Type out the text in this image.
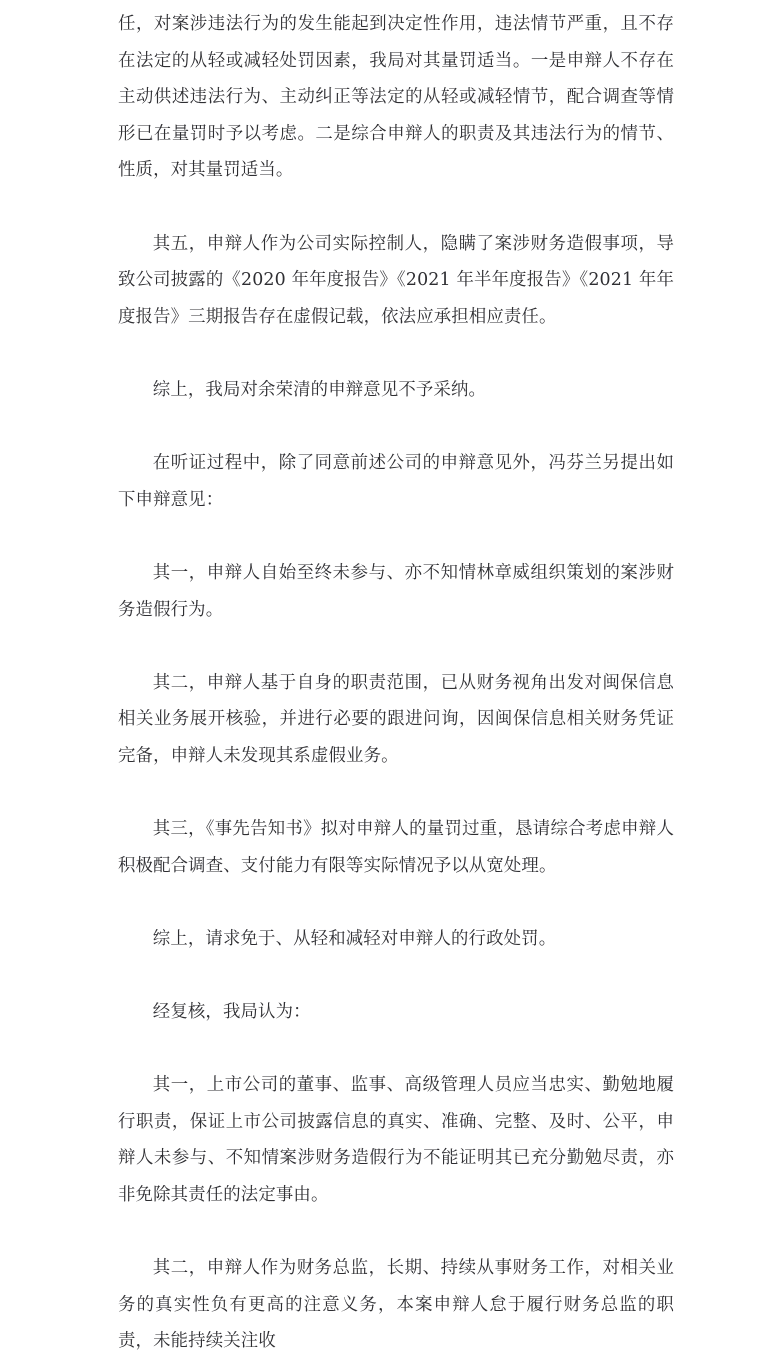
任，对案涉违法行为的发生能起到决定性作用，违法情节严重，且不存在法定的从轻或减轻处罚因素，我局对其量罚适当。一是申辩人不存在主动供述违法行为、主动纠正等法定的从轻或减轻情节，配合调查等情形已在量罚时予以考虑。二是综合申辩人的职责及其违法行为的情节、性质，对其量罚适当。

其五，申辩人作为公司实际控制人，隐瞒了案涉财务造假事项，导致公司披露的《2020 年年度报告》《2021 年半年度报告》《2021 年年度报告》三期报告存在虚假记载，依法应承担相应责任。

综上，我局对余荣清的申辩意见不予采纳。

在听证过程中，除了同意前述公司的申辩意见外，冯芬兰另提出如下申辩意见：

其一，申辩人自始至终未参与、亦不知情林章威组织策划的案涉财务造假行为。

其二，申辩人基于自身的职责范围，已从财务视角出发对闽保信息相关业务展开核验，并进行必要的跟进问询，因闽保信息相关财务凭证完备，申辩人未发现其系虚假业务。

其三，《事先告知书》拟对申辩人的量罚过重，恳请综合考虑申辩人积极配合调查、支付能力有限等实际情况予以从宽处理。

综上，请求免于、从轻和减轻对申辩人的行政处罚。

经复核，我局认为：

其一，上市公司的董事、监事、高级管理人员应当忠实、勤勉地履行职责，保证上市公司披露信息的真实、准确、完整、及时、公平，申辩人未参与、不知情案涉财务造假行为不能证明其已充分勤勉尽责，亦非免除其责任的法定事由。

其二，申辩人作为财务总监，长期、持续从事财务工作，对相关业务的真实性负有更高的注意义务，本案申辩人怠于履行财务总监的职责，未能持续关注收
